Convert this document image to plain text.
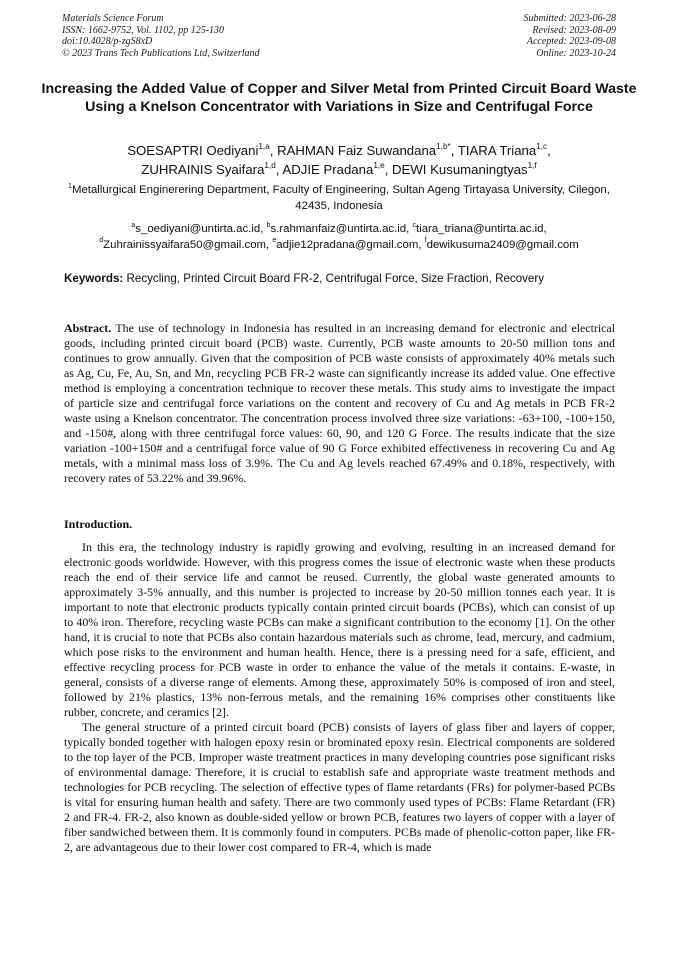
Materials Science Forum
ISSN: 1662-9752, Vol. 1102, pp 125-130
doi:10.4028/p-zgS8xD
© 2023 Trans Tech Publications Ltd, Switzerland
Submitted: 2023-06-28
Revised: 2023-08-09
Accepted: 2023-09-08
Online: 2023-10-24
Increasing the Added Value of Copper and Silver Metal from Printed Circuit Board Waste Using a Knelson Concentrator with Variations in Size and Centrifugal Force
SOESAPTRI Oediyani$^{1,a}$, RAHMAN Faiz Suwandana$^{1,b*}$, TIARA Triana$^{1,c}$,
ZUHRAINIS Syaifara$^{1,d}$, ADJIE Pradana$^{1,e}$, DEWI Kusumaningtyas$^{1,f}$
$^1$Metallurgical Enginerering Department, Faculty of Engineering, Sultan Ageng Tirtayasa University, Cilegon, 42435, Indonesia
$^a$s_oediyani@untirta.ac.id, $^b$s.rahmanfaiz@untirta.ac.id, $^c$tiara_triana@untirta.ac.id,
$^d$Zuhrainissyaifara50@gmail.com, $^e$adjie12pradana@gmail.com, $^f$dewikusuma2409@gmail.com
Keywords: Recycling, Printed Circuit Board FR-2, Centrifugal Force, Size Fraction, Recovery
Abstract. The use of technology in Indonesia has resulted in an increasing demand for electronic and electrical goods, including printed circuit board (PCB) waste. Currently, PCB waste amounts to 20-50 million tons and continues to grow annually. Given that the composition of PCB waste consists of approximately 40% metals such as Ag, Cu, Fe, Au, Sn, and Mn, recycling PCB FR-2 waste can significantly increase its added value. One effective method is employing a concentration technique to recover these metals. This study aims to investigate the impact of particle size and centrifugal force variations on the content and recovery of Cu and Ag metals in PCB FR-2 waste using a Knelson concentrator. The concentration process involved three size variations: -63+100, -100+150, and -150#, along with three centrifugal force values: 60, 90, and 120 G Force. The results indicate that the size variation -100+150# and a centrifugal force value of 90 G Force exhibited effectiveness in recovering Cu and Ag metals, with a minimal mass loss of 3.9%. The Cu and Ag levels reached 67.49% and 0.18%, respectively, with recovery rates of 53.22% and 39.96%.
Introduction.

In this era, the technology industry is rapidly growing and evolving, resulting in an increased demand for electronic goods worldwide. However, with this progress comes the issue of electronic waste when these products reach the end of their service life and cannot be reused. Currently, the global waste generated amounts to approximately 3-5% annually, and this number is projected to increase by 20-50 million tonnes each year. It is important to note that electronic products typically contain printed circuit boards (PCBs), which can consist of up to 40% iron. Therefore, recycling waste PCBs can make a significant contribution to the economy [1]. On the other hand, it is crucial to note that PCBs also contain hazardous materials such as chrome, lead, mercury, and cadmium, which pose risks to the environment and human health. Hence, there is a pressing need for a safe, efficient, and effective recycling process for PCB waste in order to enhance the value of the metals it contains. E-waste, in general, consists of a diverse range of elements. Among these, approximately 50% is composed of iron and steel, followed by 21% plastics, 13% non-ferrous metals, and the remaining 16% comprises other constituents like rubber, concrete, and ceramics [2].

The general structure of a printed circuit board (PCB) consists of layers of glass fiber and layers of copper, typically bonded together with halogen epoxy resin or brominated epoxy resin. Electrical components are soldered to the top layer of the PCB. Improper waste treatment practices in many developing countries pose significant risks of environmental damage. Therefore, it is crucial to establish safe and appropriate waste treatment methods and technologies for PCB recycling. The selection of effective types of flame retardants (FRs) for polymer-based PCBs is vital for ensuring human health and safety. There are two commonly used types of PCBs: Flame Retardant (FR) 2 and FR-4. FR-2, also known as double-sided yellow or brown PCB, features two layers of copper with a layer of fiber sandwiched between them. It is commonly found in computers. PCBs made of phenolic-cotton paper, like FR-2, are advantageous due to their lower cost compared to FR-4, which is made
